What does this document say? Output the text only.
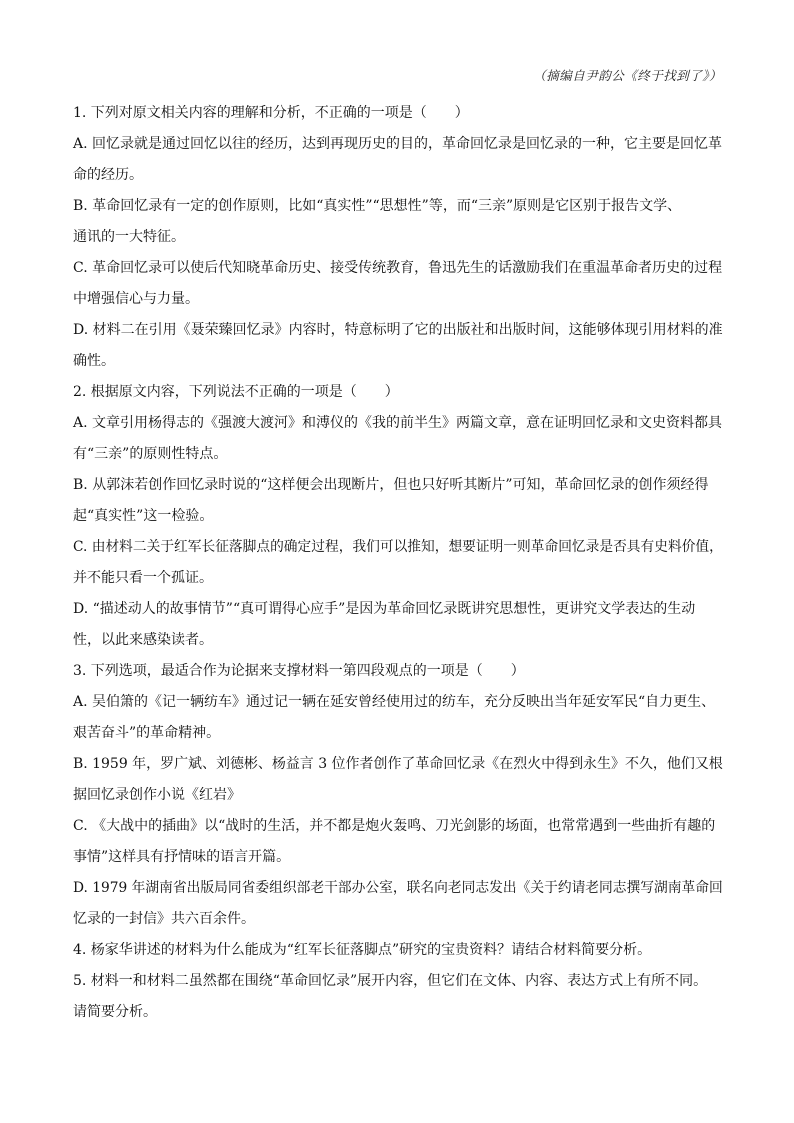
（摘编自尹韵公《终于找到了》）
1. 下列对原文相关内容的理解和分析，不正确的一项是（　　）
A. 回忆录就是通过回忆以往的经历，达到再现历史的目的，革命回忆录是回忆录的一种，它主要是回忆革
命的经历。
B. 革命回忆录有一定的创作原则，比如“真实性”“思想性”等，而“三亲”原则是它区别于报告文学、
通讯的一大特征。
C. 革命回忆录可以使后代知晓革命历史、接受传统教育，鲁迅先生的话激励我们在重温革命者历史的过程
中增强信心与力量。
D. 材料二在引用《聂荣臻回忆录》内容时，特意标明了它的出版社和出版时间，这能够体现引用材料的准
确性。
2. 根据原文内容，下列说法不正确的一项是（　　）
A. 文章引用杨得志的《强渡大渡河》和溥仪的《我的前半生》两篇文章，意在证明回忆录和文史资料都具
有“三亲”的原则性特点。
B. 从郭沫若创作回忆录时说的“这样便会出现断片，但也只好听其断片”可知，革命回忆录的创作须经得
起“真实性”这一检验。
C. 由材料二关于红军长征落脚点的确定过程，我们可以推知，想要证明一则革命回忆录是否具有史料价值，
并不能只看一个孤证。
D. “描述动人的故事情节”“真可谓得心应手”是因为革命回忆录既讲究思想性，更讲究文学表达的生动
性，以此来感染读者。
3. 下列选项，最适合作为论据来支撑材料一第四段观点的一项是（　　）
A. 吴伯箫的《记一辆纺车》通过记一辆在延安曾经使用过的纺车，充分反映出当年延安军民“自力更生、
艰苦奋斗”的革命精神。
B. 1959 年，罗广斌、刘德彬、杨益言 3 位作者创作了革命回忆录《在烈火中得到永生》不久，他们又根
据回忆录创作小说《红岩》
C. 《大战中的插曲》以“战时的生活，并不都是炮火轰鸣、刀光剑影的场面，也常常遇到一些曲折有趣的
事情”这样具有抒情味的语言开篇。
D. 1979 年湖南省出版局同省委组织部老干部办公室，联名向老同志发出《关于约请老同志撰写湖南革命回
忆录的一封信》共六百余件。
4. 杨家华讲述的材料为什么能成为“红军长征落脚点”研究的宝贵资料？请结合材料简要分析。
5. 材料一和材料二虽然都在围绕“革命回忆录”展开内容，但它们在文体、内容、表达方式上有所不同。
请简要分析。
